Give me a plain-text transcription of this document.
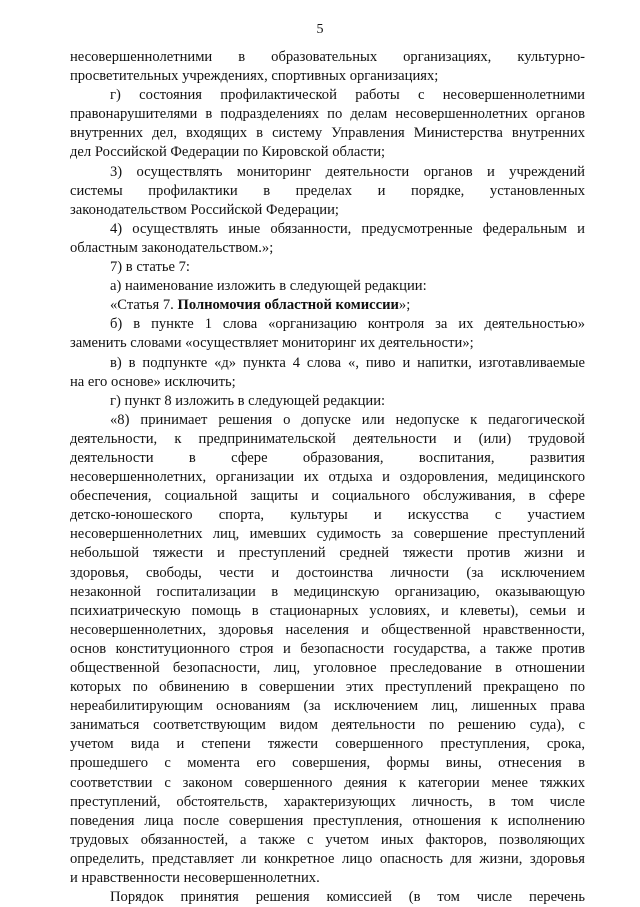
5

несовершеннолетними в образовательных организациях, культурно-

просветительных учреждениях, спортивных организациях;

г) состояния профилактической работы с несовершеннолетними

правонарушителями в подразделениях по делам несовершеннолетних органов

внутренних дел, входящих в систему Управления Министерства внутренних

дел Российской Федерации по Кировской области;

3) осуществлять мониторинг деятельности органов и учреждений

системы профилактики в пределах и порядке, установленных

законодательством Российской Федерации;

4) осуществлять иные обязанности, предусмотренные федеральным и

областным законодательством.»;

7) в статье 7:

а) наименование изложить в следующей редакции:

«Статья 7. Полномочия областной комиссии»;

б) в пункте 1 слова «организацию контроля за их деятельностью»

заменить словами «осуществляет мониторинг их деятельности»;

в) в подпункте «д» пункта 4 слова «, пиво и напитки, изготавливаемые

на его основе» исключить;

г) пункт 8 изложить в следующей редакции:

«8) принимает решения о допуске или недопуске к педагогической

деятельности, к предпринимательской деятельности и (или) трудовой

деятельности в сфере образования, воспитания, развития

несовершеннолетних, организации их отдыха и оздоровления, медицинского

обеспечения, социальной защиты и социального обслуживания, в сфере

детско-юношеского спорта, культуры и искусства с участием

несовершеннолетних лиц, имевших судимость за совершение преступлений

небольшой тяжести и преступлений средней тяжести против жизни и

здоровья, свободы, чести и достоинства личности (за исключением

незаконной госпитализации в медицинскую организацию, оказывающую

психиатрическую помощь в стационарных условиях, и клеветы), семьи и

несовершеннолетних, здоровья населения и общественной нравственности,

основ конституционного строя и безопасности государства, а также против

общественной безопасности, лиц, уголовное преследование в отношении

которых по обвинению в совершении этих преступлений прекращено по

нереабилитирующим основаниям (за исключением лиц, лишенных права

заниматься соответствующим видом деятельности по решению суда), с

учетом вида и степени тяжести совершенного преступления, срока,

прошедшего с момента его совершения, формы вины, отнесения в

соответствии с законом совершенного деяния к категории менее тяжких

преступлений, обстоятельств, характеризующих личность, в том числе

поведения лица после совершения преступления, отношения к исполнению

трудовых обязанностей, а также с учетом иных факторов, позволяющих

определить, представляет ли конкретное лицо опасность для жизни, здоровья

и нравственности несовершеннолетних.

Порядок принятия решения комиссией (в том числе перечень
